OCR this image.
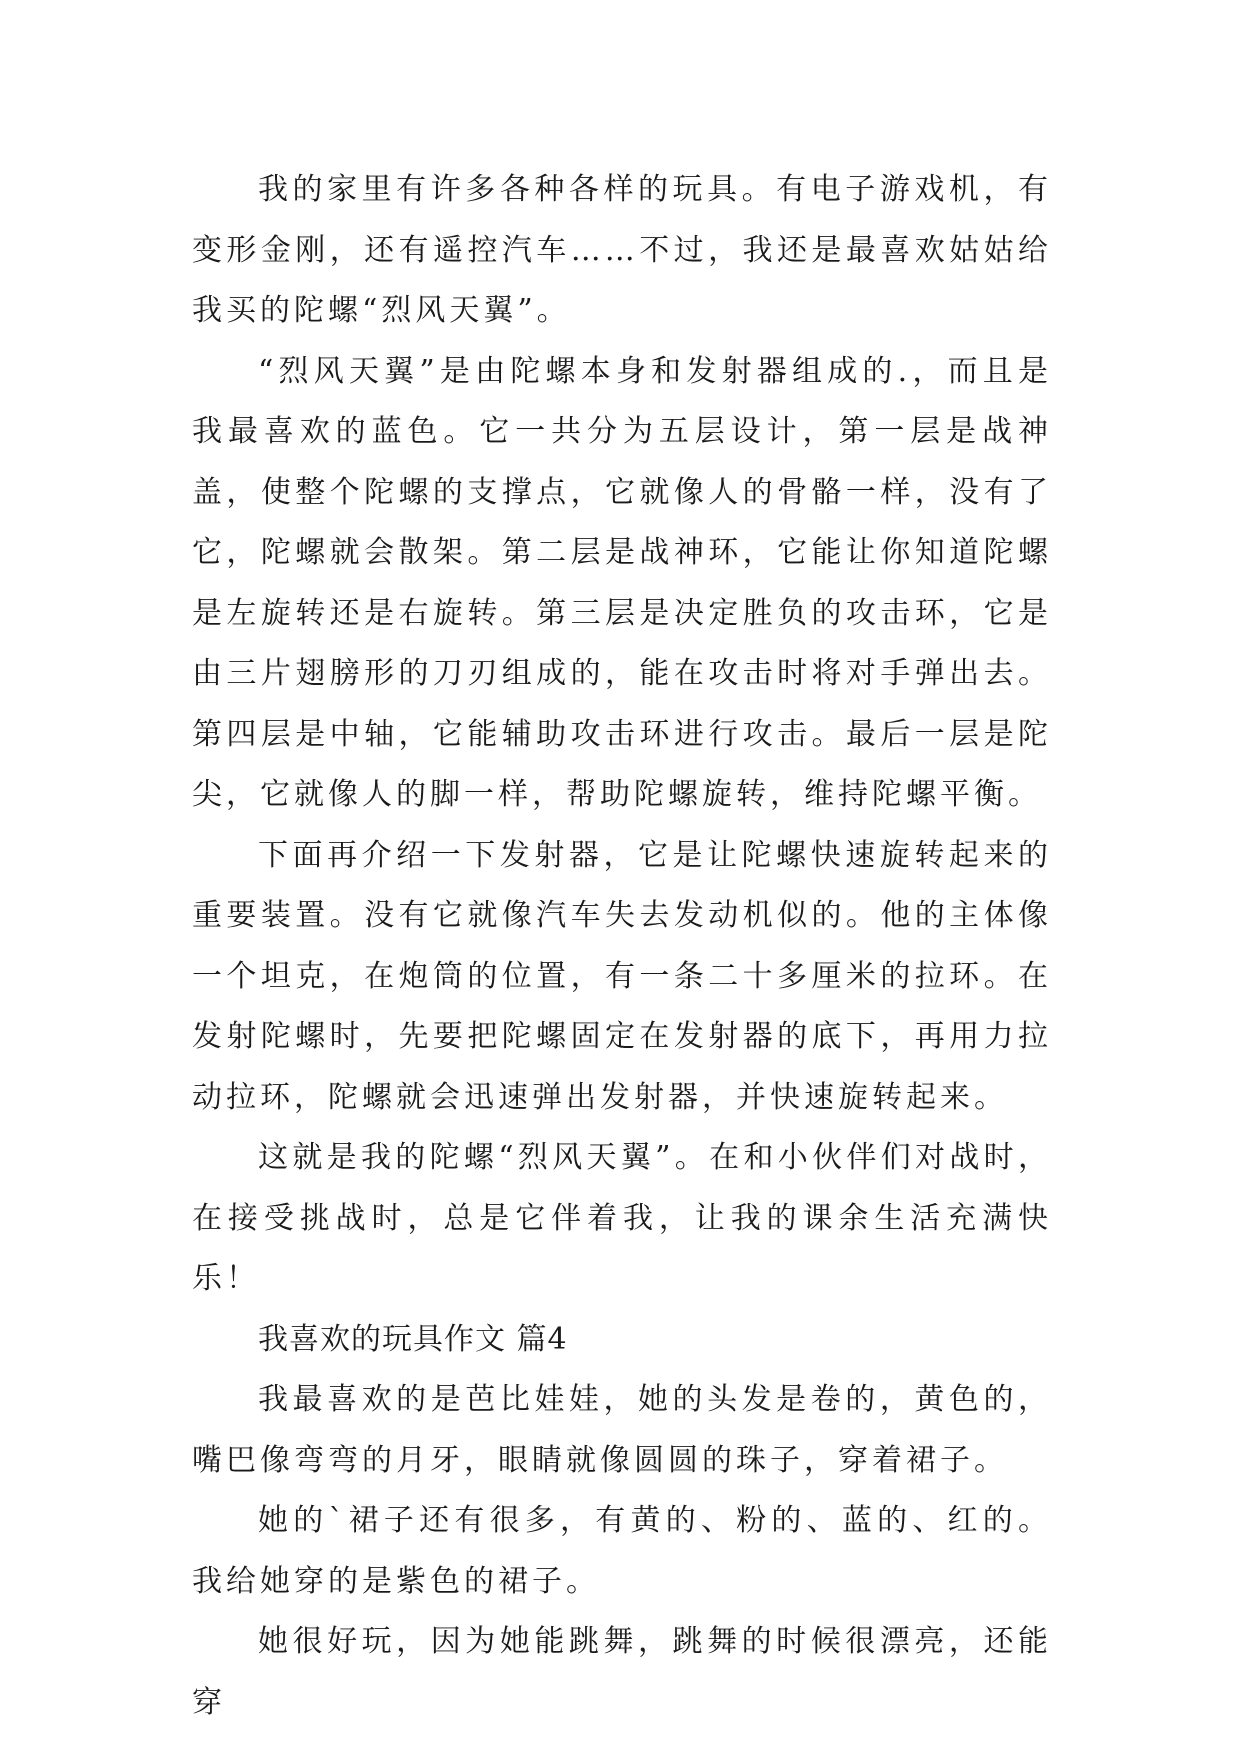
我的家里有许多各种各样的玩具。有电子游戏机，有变形金刚，还有遥控汽车……不过，我还是最喜欢姑姑给我买的陀螺“烈风天翼”。

“烈风天翼”是由陀螺本身和发射器组成的.，而且是我最喜欢的蓝色。它一共分为五层设计，第一层是战神盖，使整个陀螺的支撑点，它就像人的骨骼一样，没有了它，陀螺就会散架。第二层是战神环，它能让你知道陀螺是左旋转还是右旋转。第三层是决定胜负的攻击环，它是由三片翅膀形的刀刃组成的，能在攻击时将对手弹出去。第四层是中轴，它能辅助攻击环进行攻击。最后一层是陀尖，它就像人的脚一样，帮助陀螺旋转，维持陀螺平衡。

下面再介绍一下发射器，它是让陀螺快速旋转起来的重要装置。没有它就像汽车失去发动机似的。他的主体像一个坦克，在炮筒的位置，有一条二十多厘米的拉环。在发射陀螺时，先要把陀螺固定在发射器的底下，再用力拉动拉环，陀螺就会迅速弹出发射器，并快速旋转起来。

这就是我的陀螺“烈风天翼”。在和小伙伴们对战时，在接受挑战时，总是它伴着我，让我的课余生活充满快乐！

我喜欢的玩具作文 篇4

我最喜欢的是芭比娃娃，她的头发是卷的，黄色的，嘴巴像弯弯的月牙，眼睛就像圆圆的珠子，穿着裙子。

她的`裙子还有很多，有黄的、粉的、蓝的、红的。我给她穿的是紫色的裙子。

她很好玩，因为她能跳舞，跳舞的时候很漂亮，还能穿
